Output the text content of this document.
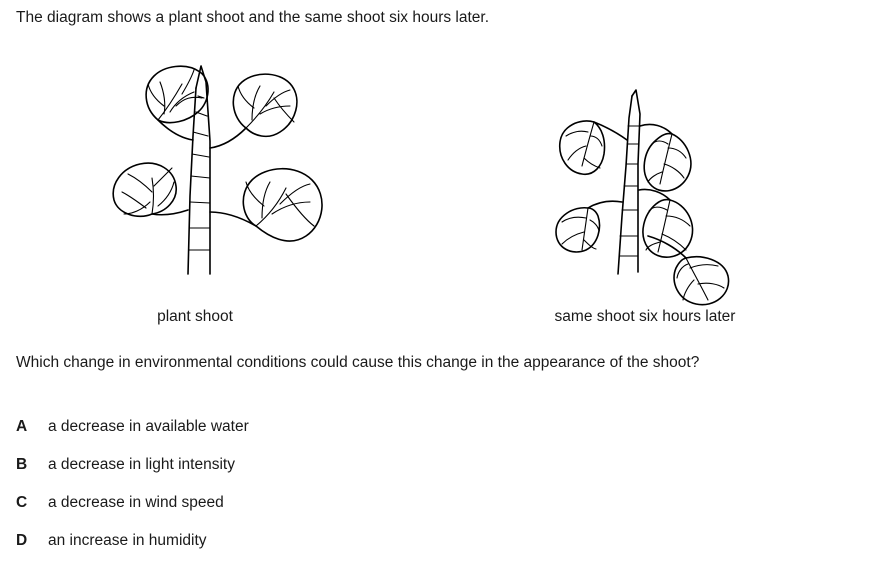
The diagram shows a plant shoot and the same shoot six hours later.
plant shoot	same shoot six hours later
Which change in environmental conditions could cause this change in the appearance of the shoot?
A	a decrease in available water
B	a decrease in light intensity
C	a decrease in wind speed
D	an increase in humidity
